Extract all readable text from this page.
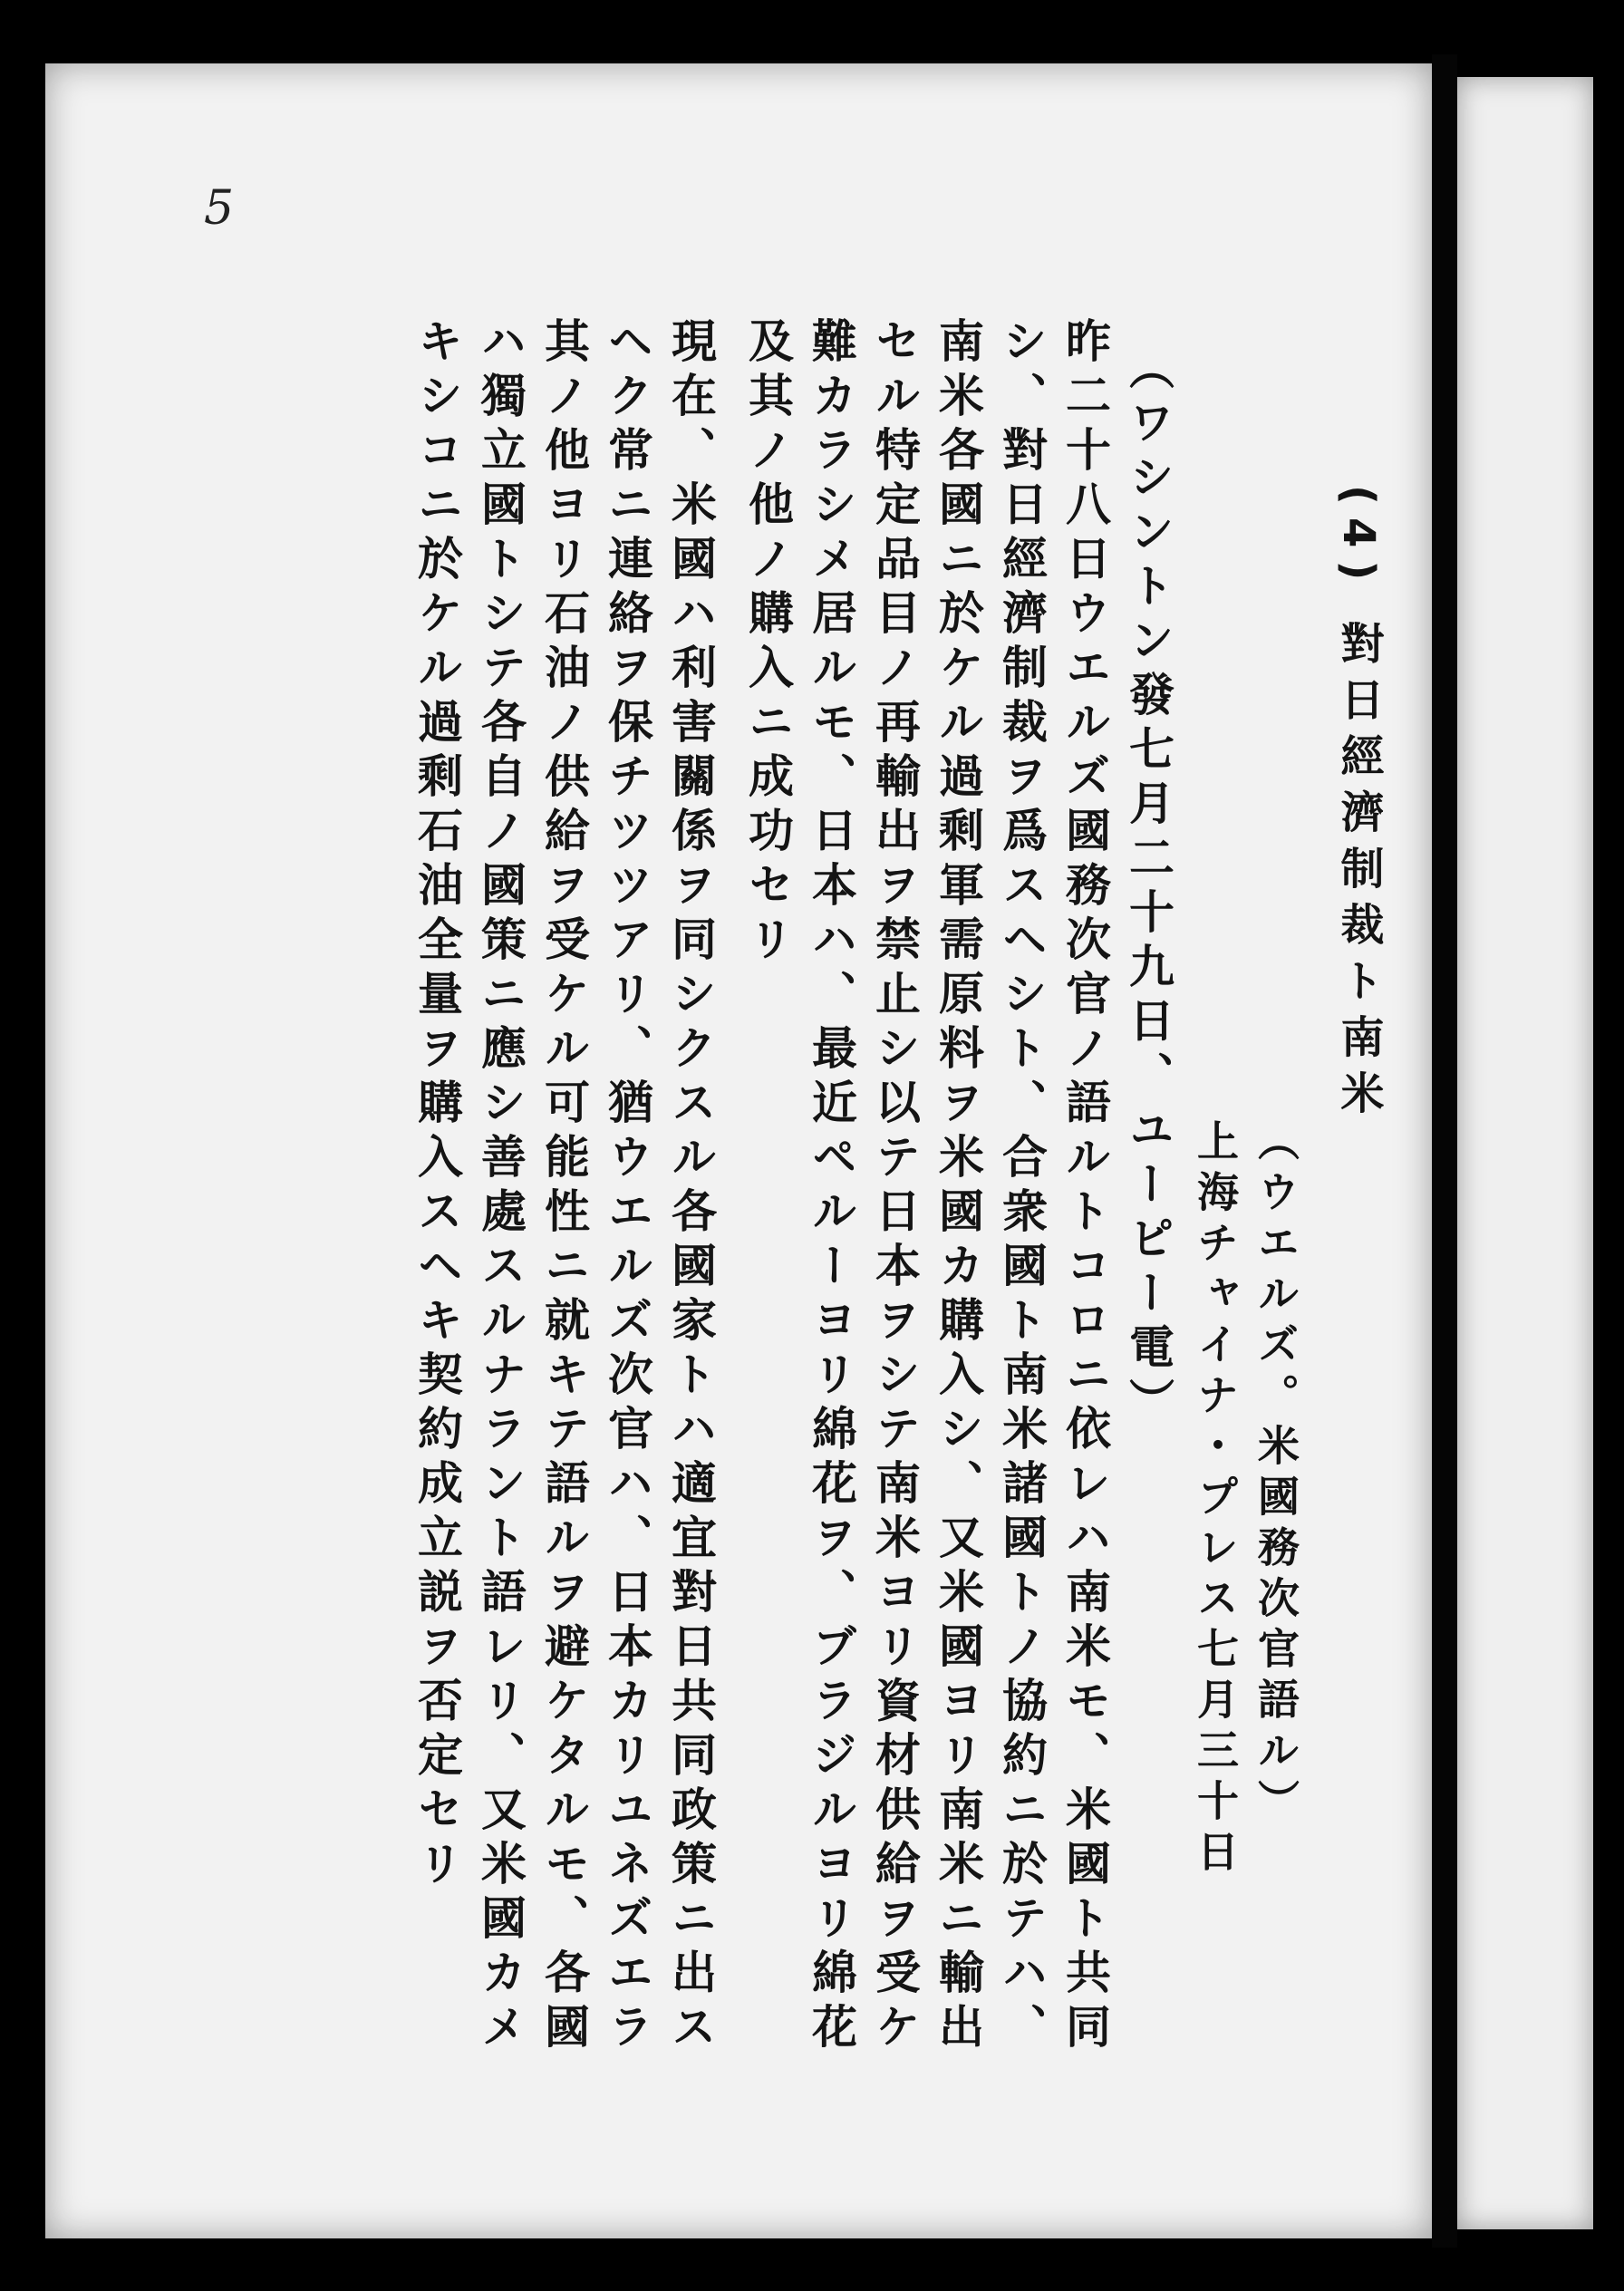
5
(4) 對日經濟制裁ト南米
（ウエルズ。米國務次官語ル）
上海チャイナ・プレス七月三十日
（ワシントン發七月二十九日、ユーピー電）
昨二十八日ウエルズ國務次官ノ語ルトコロニ依レハ南米モ、米國ト共同
シ、對日經濟制裁ヲ爲スヘシト、合衆國ト南米諸國トノ協約ニ於テハ、
南米各國ニ於ケル過剩軍需原料ヲ米國カ購入シ、又米國ヨリ南米ニ輸出
セル特定品目ノ再輸出ヲ禁止シ以テ日本ヲシテ南米ヨリ資材供給ヲ受ケ
難カラシメ居ルモ、日本ハ、最近ペルーヨリ綿花ヲ、ブラジルヨリ綿花
及其ノ他ノ購入ニ成功セリ
現在、米國ハ利害關係ヲ同シクスル各國家トハ適宜對日共同政策ニ出ス
ヘク常ニ連絡ヲ保チツツアリ、猶ウエルズ次官ハ、日本カリユネズエラ
其ノ他ヨリ石油ノ供給ヲ受ケル可能性ニ就キテ語ルヲ避ケタルモ、各國
ハ獨立國トシテ各自ノ國策ニ應シ善處スルナラント語レリ、又米國カメ
キシコニ於ケル過剩石油全量ヲ購入スヘキ契約成立説ヲ否定セリ
